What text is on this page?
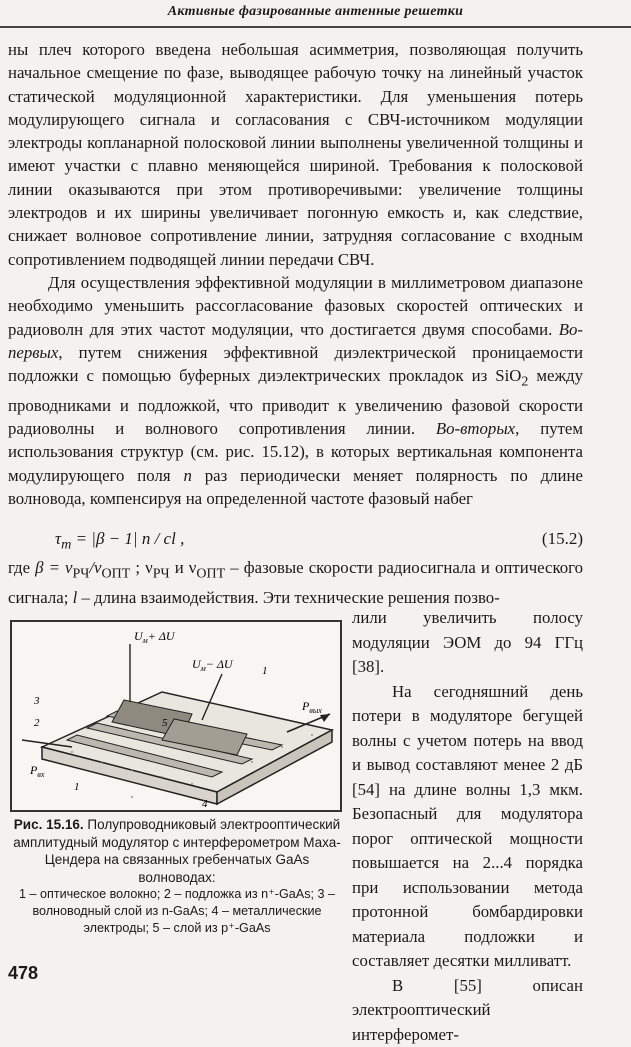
Активные фазированные антенные решетки

ны плеч которого введена небольшая асимметрия, позволяющая получить начальное смещение по фазе, выводящее рабочую точку на линейный участок статической модуляционной характеристики. Для уменьшения потерь модулирующего сигнала и согласования с СВЧ-источником модуляции электроды копланарной полосковой линии выполнены увеличенной толщины и имеют участки с плавно меняющейся шириной. Требования к полосковой линии оказываются при этом противоречивыми: увеличение толщины электродов и их ширины увеличивает погонную емкость и, как следствие, снижает волновое сопротивление линии, затрудняя согласование с входным сопротивлением подводящей линии передачи СВЧ.

Для осуществления эффективной модуляции в миллиметровом диапазоне необходимо уменьшить рассогласование фазовых скоростей оптических и радиоволн для этих частот модуляции, что достигается двумя способами. Во-первых, путем снижения эффективной диэлектрической проницаемости подложки с помощью буферных диэлектрических прокладок из SiO$_2$ между проводниками и подложкой, что приводит к увеличению фазовой скорости радиоволны и волнового сопротивления линии. Во-вторых, путем использования структур (см. рис. 15.12), в которых вертикальная компонента модулирующего поля n раз периодически меняет полярность по длине волновода, компенсируя на определенной частоте фазовый набег

$\tau_m = |\beta - 1|$ n / cl ,	(15.2)

где $\beta = \nu_{РЧ}/\nu_{ОПТ}$ ; $\nu_{РЧ}$ и $\nu_{ОПТ}$ – фазовые скорости радиосигнала и оптического сигнала; l – длина взаимодействия. Эти технические решения позво-

лили увеличить полосу модуляции ЭОМ до 94 ГГц [38].

На сегодняшний день потери в модуляторе бегущей волны с учетом потерь на ввод и вывод составляют менее 2 дБ [54] на длине волны 1,3 мкм. Безопасный для модулятора порог оптической мощности повышается на 2...4 порядка при использовании метода протонной бомбардировки материала подложки и составляет десятки милливатт.

В [55] описан электрооптический интерферомет-

$U_м+ \Delta U$
$U_м- \Delta U$
$P_{вх}$
$P_{вых}$
3
2
1
1
5
4
Рис. 15.16. Полупроводниковый электрооптический амплитудный модулятор с интерферометром Маха-Цендера на связанных гребенчатых GaAs волноводах:
1 – оптическое волокно; 2 – подложка из n⁺-GaAs; 3 – волноводный слой из n-GaAs; 4 – металлические электроды; 5 – слой из p⁺-GaAs
478
